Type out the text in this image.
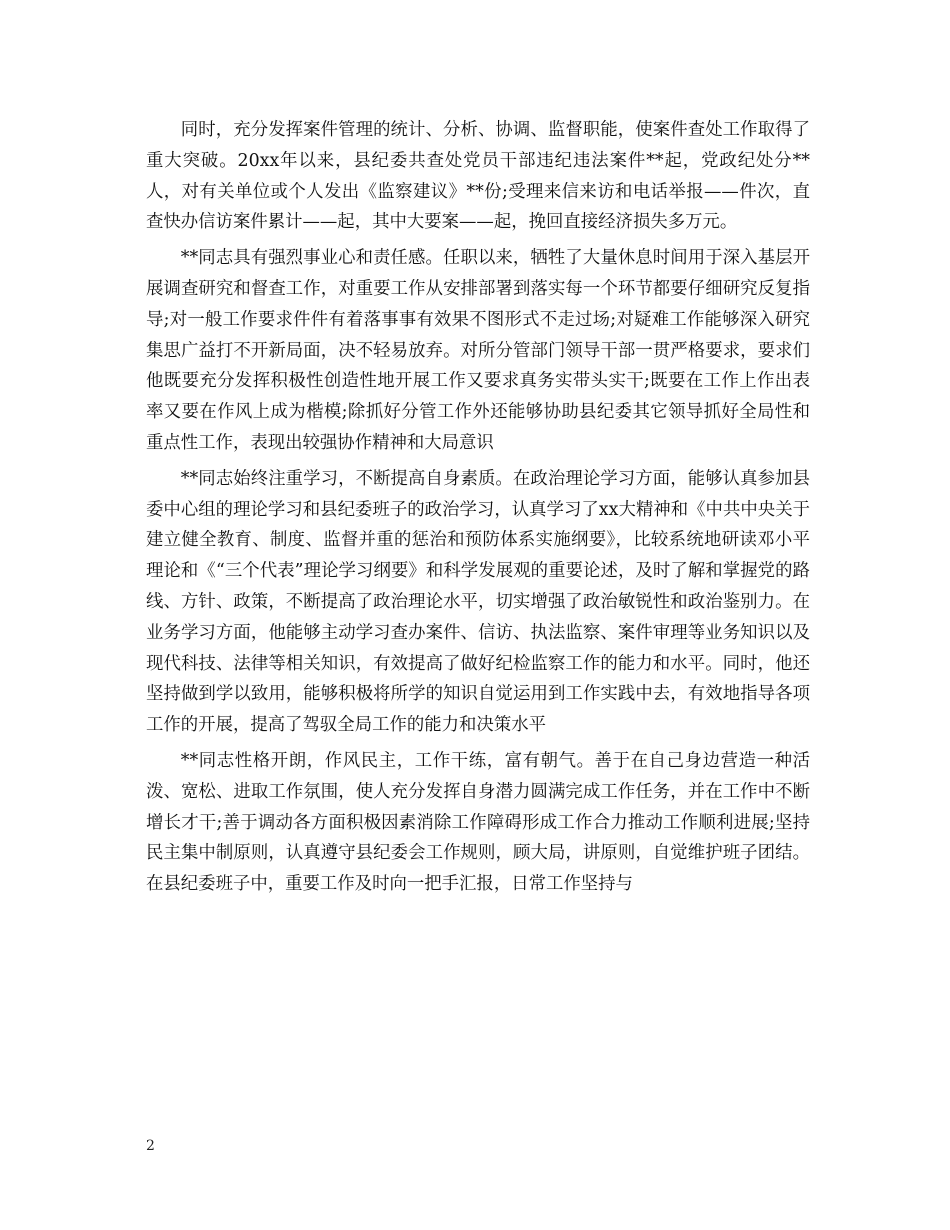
同时，充分发挥案件管理的统计、分析、协调、监督职能，使案件查处工作取得了重大突破。20xx年以来，县纪委共查处党员干部违纪违法案件**起，党政纪处分**人，对有关单位或个人发出《监察建议》**份;受理来信来访和电话举报——件次，直查快办信访案件累计——起，其中大要案——起，挽回直接经济损失多万元。

**同志具有强烈事业心和责任感。任职以来，牺牲了大量休息时间用于深入基层开展调查研究和督查工作，对重要工作从安排部署到落实每一个环节都要仔细研究反复指导;对一般工作要求件件有着落事事有效果不图形式不走过场;对疑难工作能够深入研究集思广益打不开新局面，决不轻易放弃。对所分管部门领导干部一贯严格要求，要求们他既要充分发挥积极性创造性地开展工作又要求真务实带头实干;既要在工作上作出表率又要在作风上成为楷模;除抓好分管工作外还能够协助县纪委其它领导抓好全局性和重点性工作，表现出较强协作精神和大局意识

**同志始终注重学习，不断提高自身素质。在政治理论学习方面，能够认真参加县委中心组的理论学习和县纪委班子的政治学习，认真学习了xx大精神和《中共中央关于建立健全教育、制度、监督并重的惩治和预防体系实施纲要》，比较系统地研读邓小平理论和《“三个代表”理论学习纲要》和科学发展观的重要论述，及时了解和掌握党的路线、方针、政策，不断提高了政治理论水平，切实增强了政治敏锐性和政治鉴别力。在业务学习方面，他能够主动学习查办案件、信访、执法监察、案件审理等业务知识以及现代科技、法律等相关知识，有效提高了做好纪检监察工作的能力和水平。同时，他还坚持做到学以致用，能够积极将所学的知识自觉运用到工作实践中去，有效地指导各项工作的开展，提高了驾驭全局工作的能力和决策水平

**同志性格开朗，作风民主，工作干练，富有朝气。善于在自己身边营造一种活泼、宽松、进取工作氛围，使人充分发挥自身潜力圆满完成工作任务，并在工作中不断增长才干;善于调动各方面积极因素消除工作障碍形成工作合力推动工作顺利进展;坚持民主集中制原则，认真遵守县纪委会工作规则，顾大局，讲原则，自觉维护班子团结。在县纪委班子中，重要工作及时向一把手汇报，日常工作坚持与

2
